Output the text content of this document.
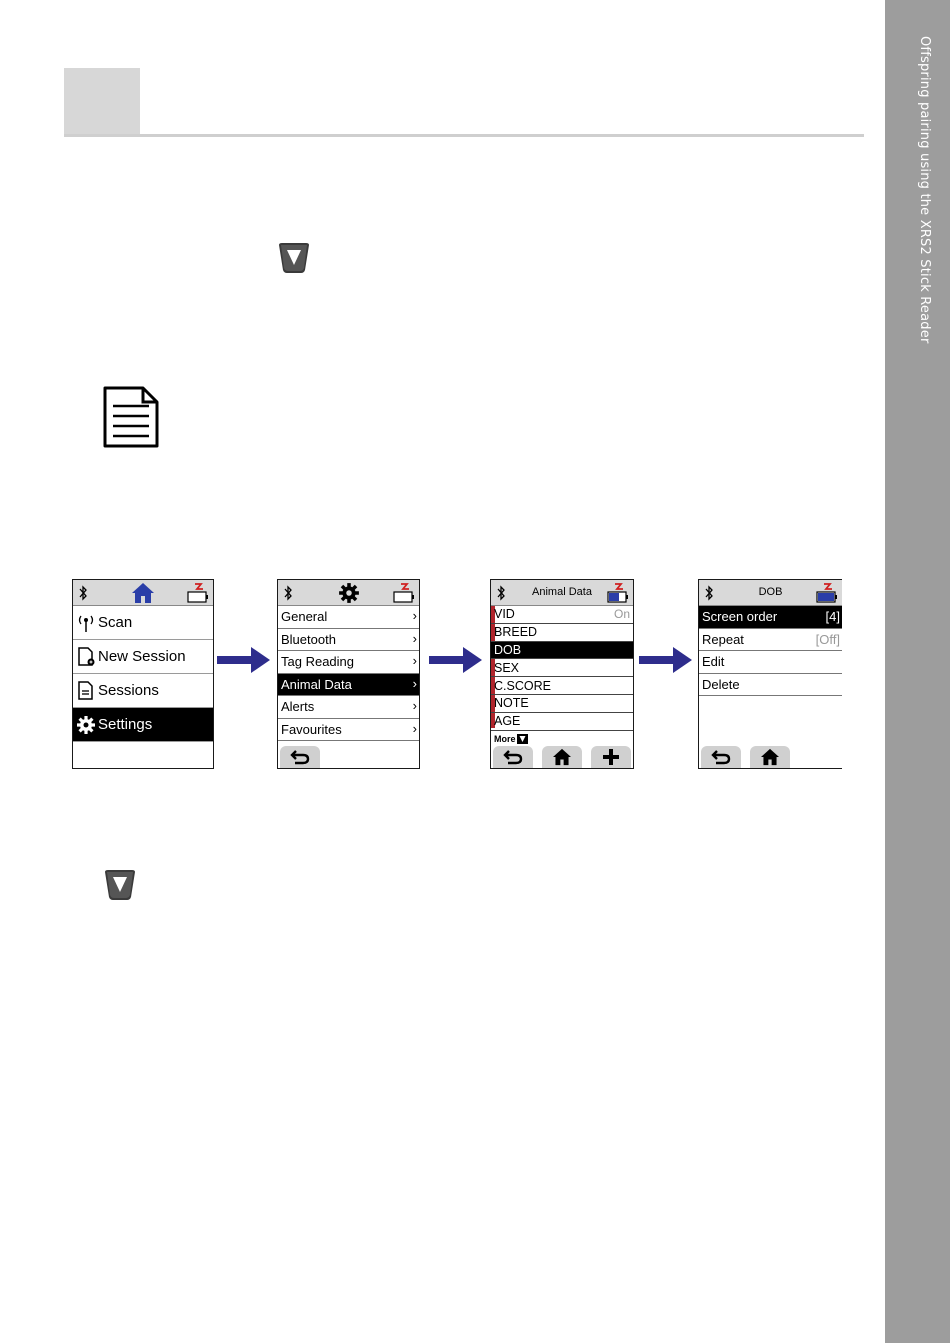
Offspring pairing using the XRS2 Stick Reader
Scan
New Session
Sessions
Settings
General	›
Bluetooth	›
Tag Reading	›
Animal Data	›
Alerts	›
Favourites	›
Animal Data
VID	On
BREED
DOB
SEX
C.SCORE
NOTE
AGE
More
DOB
Screen order	[4]
Repeat	[Off]
Edit
Delete
